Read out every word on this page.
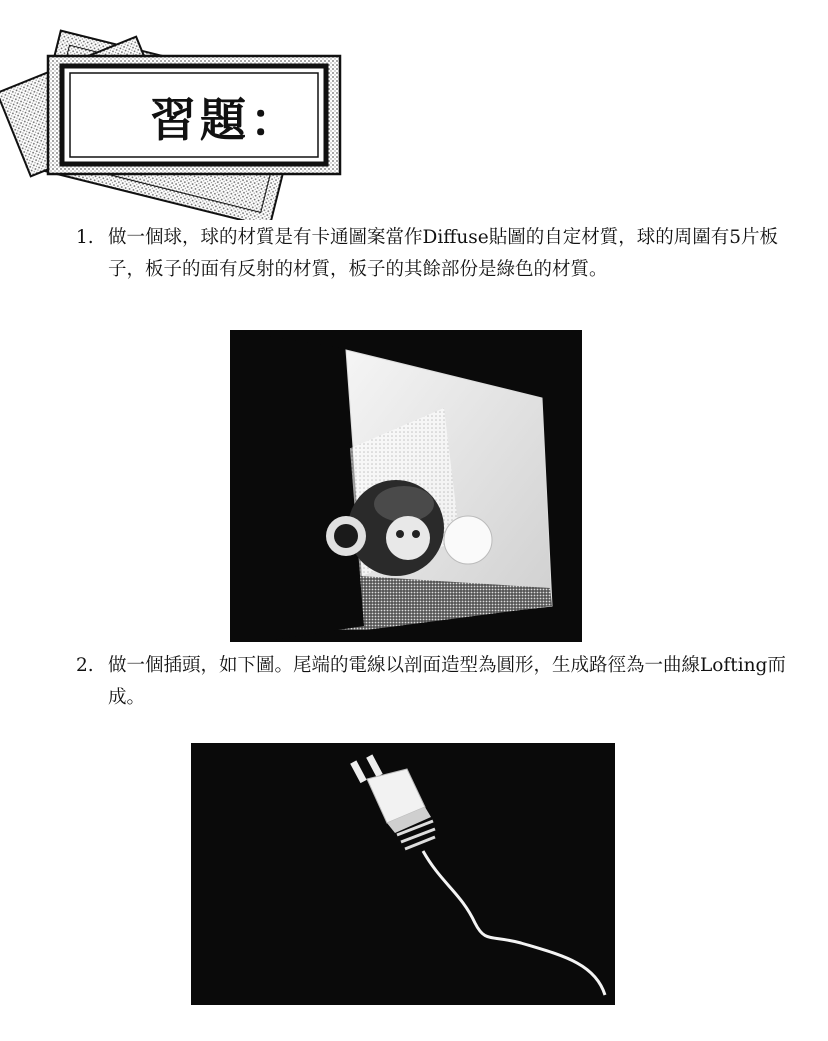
習題：
1. 做一個球，球的材質是有卡通圖案當作Diffuse貼圖的自定材質，球的周圍有5片板子，板子的面有反射的材質，板子的其餘部份是綠色的材質。
2. 做一個插頭，如下圖。尾端的電線以剖面造型為圓形，生成路徑為一曲線Lofting而成。
